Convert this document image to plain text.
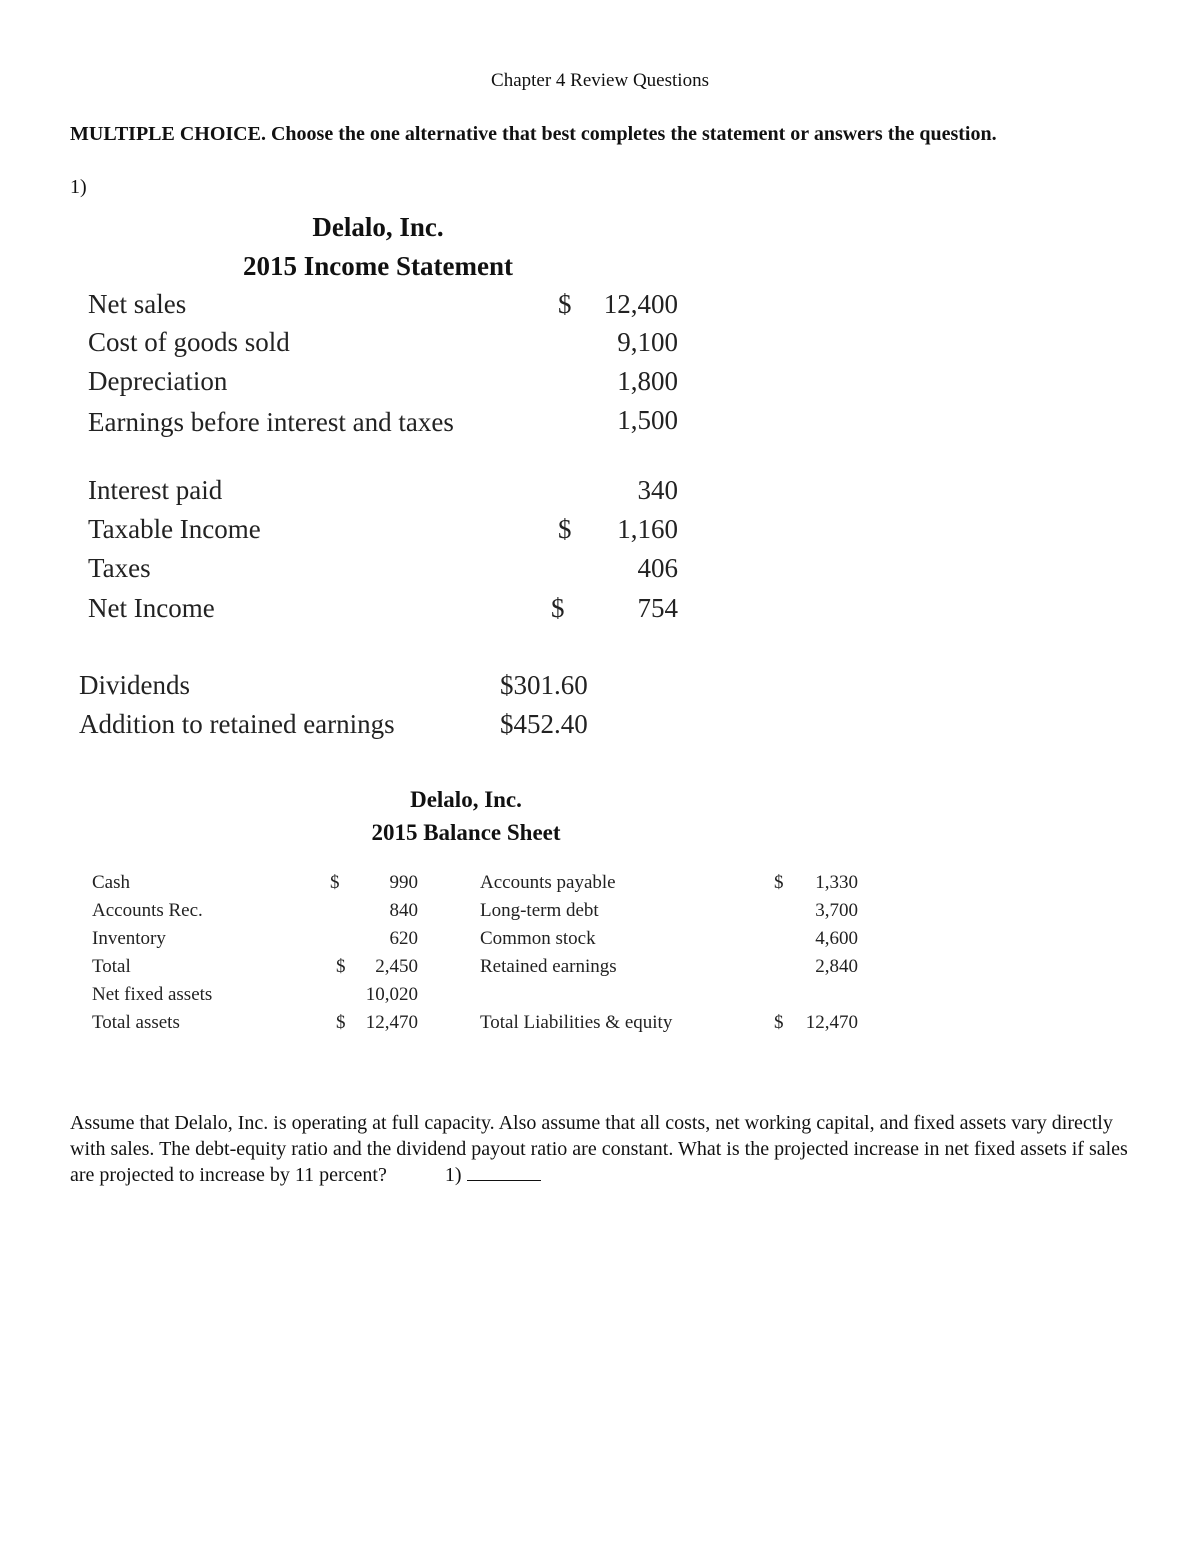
Chapter 4 Review Questions
MULTIPLE CHOICE. Choose the one alternative that best completes the statement or answers the question.
1)
Delalo, Inc.
2015 Income Statement
Net sales	$ 12,400
Cost of goods sold	9,100
Depreciation	1,800
Earnings before interest and taxes	1,500
Interest paid	340
Taxable Income	$ 1,160
Taxes	406
Net Income	$	754
Dividends	$301.60
Addition to retained earnings	$452.40
Delalo, Inc.
2015 Balance Sheet
Cash	$	990	Accounts payable	$ 1,330
Accounts Rec.	840	Long-term debt	3,700
Inventory	620	Common stock	4,600
Total	$ 2,450	Retained earnings	2,840
Net fixed assets	10,020
Total assets	$ 12,470	Total Liabilities & equity	$ 12,470
Assume that Delalo, Inc. is operating at full capacity. Also assume that all costs, net working capital, and fixed assets vary directly with sales. The debt-equity ratio and the dividend payout ratio are constant. What is the projected increase in net fixed assets if sales are projected to increase by 11 percent?	1)
